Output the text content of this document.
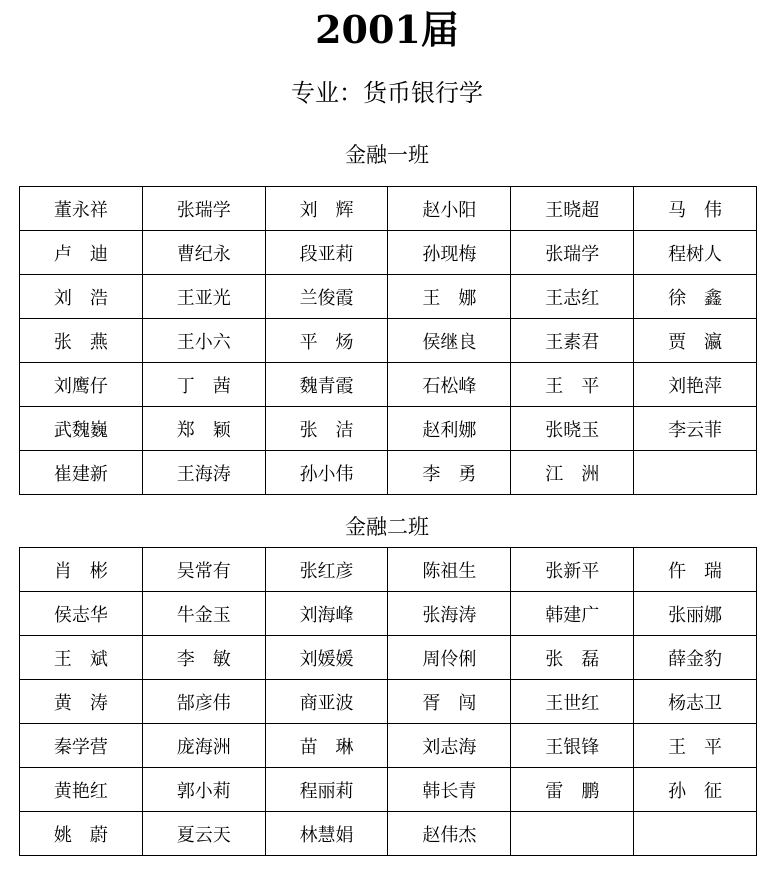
2001届
专业：货币银行学
金融一班
董永祥	张瑞学	刘　辉	赵小阳	王晓超	马　伟
卢　迪	曹纪永	段亚莉	孙现梅	张瑞学	程树人
刘　浩	王亚光	兰俊霞	王　娜	王志红	徐　鑫
张　燕	王小六	平　炀	侯继良	王素君	贾　瀛
刘鹰仔	丁　茜	魏青霞	石松峰	王　平	刘艳萍
武魏巍	郑　颖	张　洁	赵利娜	张晓玉	李云菲
崔建新	王海涛	孙小伟	李　勇	江　洲	
金融二班
肖　彬	吴常有	张红彦	陈祖生	张新平	仵　瑞
侯志华	牛金玉	刘海峰	张海涛	韩建广	张丽娜
王　斌	李　敏	刘媛媛	周伶俐	张　磊	薛金豹
黄　涛	郜彦伟	商亚波	胥　闯	王世红	杨志卫
秦学营	庞海洲	苗　琳	刘志海	王银锋	王　平
黄艳红	郭小莉	程丽莉	韩长青	雷　鹏	孙　征
姚　蔚	夏云天	林慧娟	赵伟杰		
